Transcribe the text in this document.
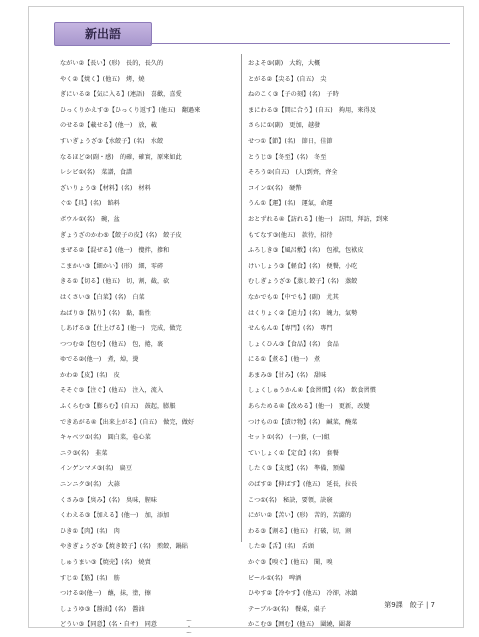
新出語
ながい②【長い】(形)　長的，長久的
やく②【焼く】(他五)　烤，燒
ぎにいる②【気に入る】(連語)　喜歡，喜愛
ひっくりかえす③【ひっくり返す】(他五)　翻過來
のせる②【載せる】(他一)　放，載
すいぎょうざ③【水餃子】(名)　水餃
なるほど②(副・感)　的確，確實，原來如此
レシピ①(名)　菜譜，食譜
ざいりょう③【材料】(名)　材料
ぐ①【具】(名)　餡料
ボウル①(名)　碗，盆
ぎょうざのかわ⑤【餃子の皮】(名)　餃子皮
まぜる②【混ぜる】(他一)　攪拌，摻和
こまかい③【細かい】(形)　細，零碎
きる①【切る】(他五)　切，割，截，砍
はくさい③【白菜】(名)　白菜
ねばり③【粘り】(名)　黏，黏性
しあげる③【仕上げる】(他一)　完成，做完
つつむ②【包む】(他五)　包，捲，裹
ゆでる②(他一)　煮，焯，燙
かわ②【皮】(名)　皮
そそぐ③【注ぐ】(他五)　注入，流入
ふくらむ③【膨らむ】(自五)　鼓起，膨脹
できあがる④【出来上がる】(自五)　做完，做好
キャベツ①(名)　圓白菜，卷心菜
ニラ③(名)　韭菜
インゲンマメ③(名)　扁豆
ニンニク③(名)　大蒜
くさみ③【臭み】(名)　臭味，腥味
くわえる③【加える】(他一)　加，添加
ひき①【肉】(名)　肉
やきぎょうざ③【焼き餃子】(名)　煎餃，鍋貼
しゅうまい③【焼売】(名)　燒賣
すじ①【筋】(名)　筋
つける②(他一)　蘸，抹，塗，擦
しょうゆ③【醤油】(名)　醬油
どうい③【同意】(名・自サ)　同意
およそ③(副)　大約，大概
とがる②【尖る】(自五)　尖
ねのこく③【子の刻】(名)　子時
まにわる③【間に合う】(自五)　夠用，來得及
さらに①(副)　更加，越發
せつ①【節】(名)　節日，佳節
とうじ③【冬至】(名)　冬至
そろう②(自五)　(人)到齊，齊全
コイン①(名)　硬幣
うん①【運】(名)　運氣，命運
おとずれる④【訪れる】(他一)　訪問，拜訪，到來
もてなす③(他五)　款待，招待
ふろしき③【風呂敷】(名)　包袱，包袱皮
けいしょう③【軽食】(名)　便餐，小吃
むしぎょうざ③【蒸し餃子】(名)　蒸餃
なかでも①【中でも】(副)　尤其
はくりょく②【迫力】(名)　魄力，氣勢
せんもん①【専門】(名)　專門
しょくひん③【食品】(名)　食品
にる①【煮る】(他一)　煮
あまみ③【甘み】(名)　甜味
しょくしゅうかん④【食習慣】(名)　飲食習慣
あらためる④【改める】(他一)　更新，改變
つけもの①【漬け物】(名)　鹹菜，醃菜
セット①(名)　(一)套，(一)組
ていしょく①【定食】(名)　套餐
したく③【支度】(名)　準備，預備
のばす②【伸ばす】(他五)　延長，拉長
こつ①(名)　秘訣，要領，訣竅
にがい②【苦い】(形)　苦的，苦澀的
わる③【割る】(他五)　打破，切，割
した②【舌】(名)　舌頭
かぐ③【嗅ぐ】(他五)　聞，嗅
ビール①(名)　啤酒
ひやす②【冷やす】(他五)　冷卻，冰鎮
テーブル③(名)　餐桌，桌子
かこむ③【囲む】(他五)　圍繞，圍著
第9課　餃子 | 7
ー ・ ー
